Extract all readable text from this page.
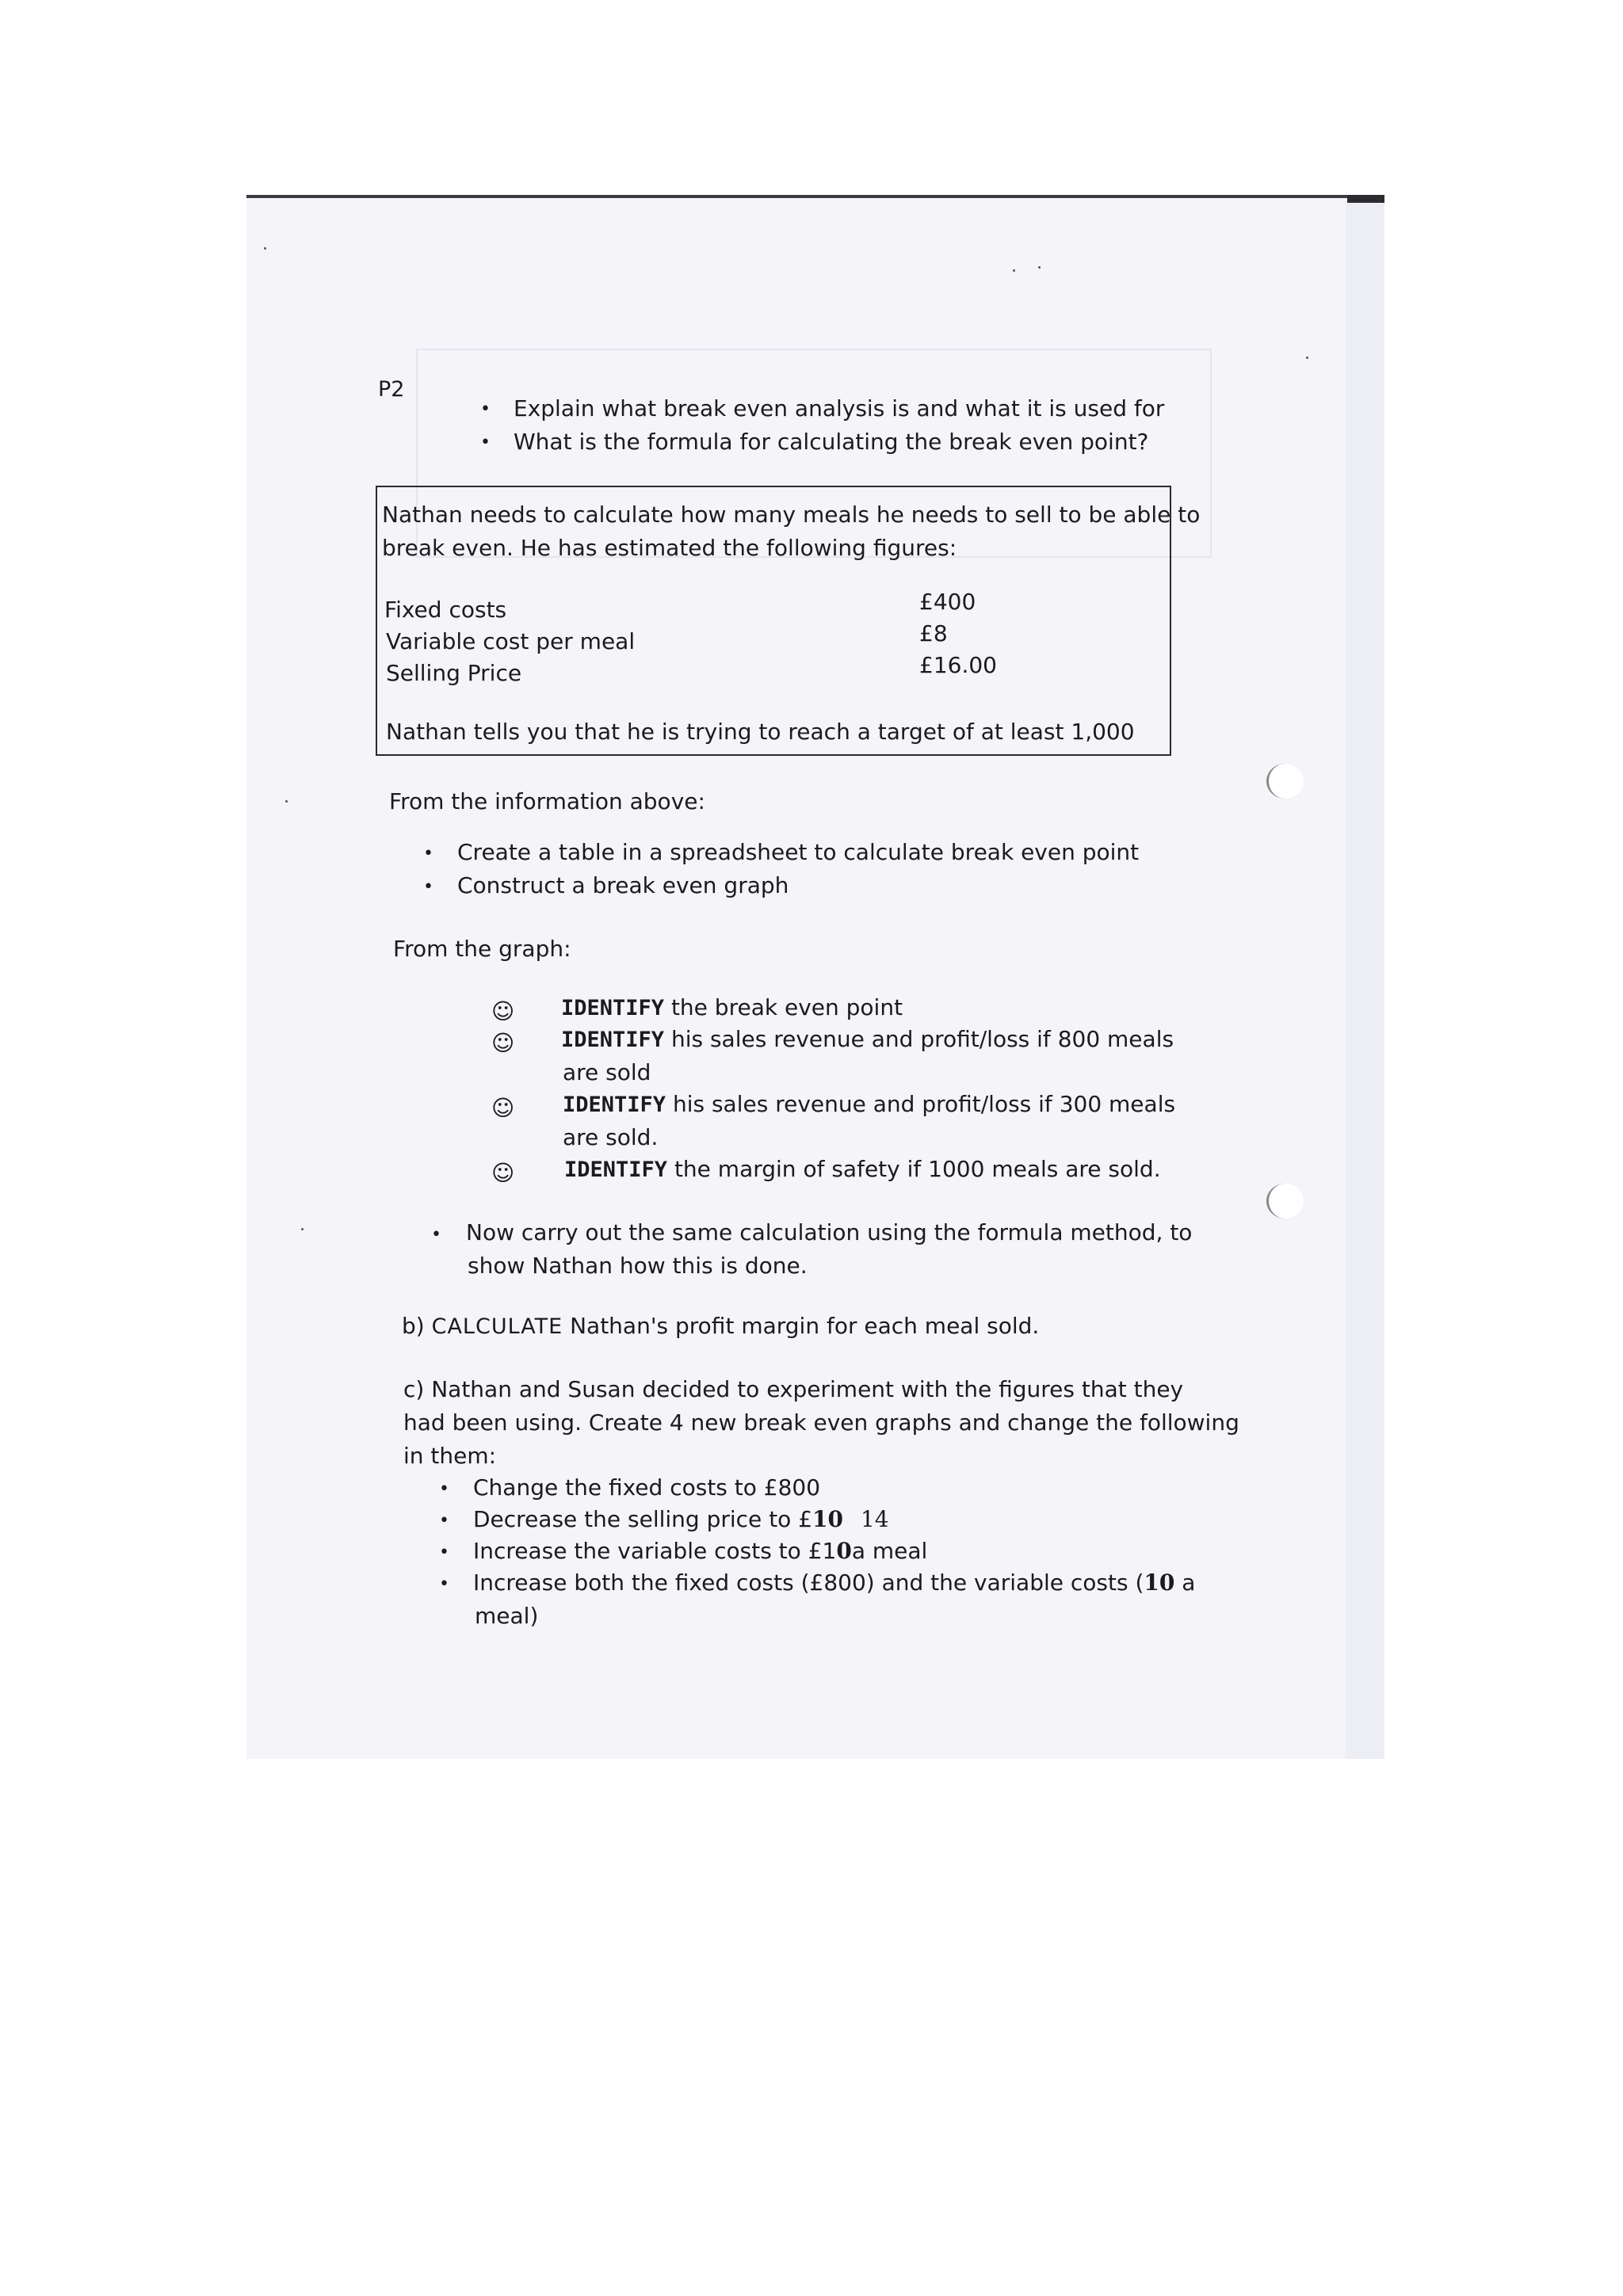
P2
• Explain what break even analysis is and what it is used for
• What is the formula for calculating the break even point?
Nathan needs to calculate how many meals he needs to sell to be able to
break even. He has estimated the following figures:
Fixed costs	£400
Variable cost per meal	£8
Selling Price	£16.00
Nathan tells you that he is trying to reach a target of at least 1,000
From the information above:
• Create a table in a spreadsheet to calculate break even point
• Construct a break even graph
From the graph:
☺ IDENTIFY the break even point
☺ IDENTIFY his sales revenue and profit/loss if 800 meals
are sold
☺ IDENTIFY his sales revenue and profit/loss if 300 meals
are sold.
☺ IDENTIFY the margin of safety if 1000 meals are sold.
• Now carry out the same calculation using the formula method, to
show Nathan how this is done.
b) CALCULATE Nathan's profit margin for each meal sold.
c) Nathan and Susan decided to experiment with the figures that they
had been using. Create 4 new break even graphs and change the following
in them:
• Change the fixed costs to £800
• Decrease the selling price to £10 14
• Increase the variable costs to £10a meal
• Increase both the fixed costs (£800) and the variable costs (10 a
meal)
